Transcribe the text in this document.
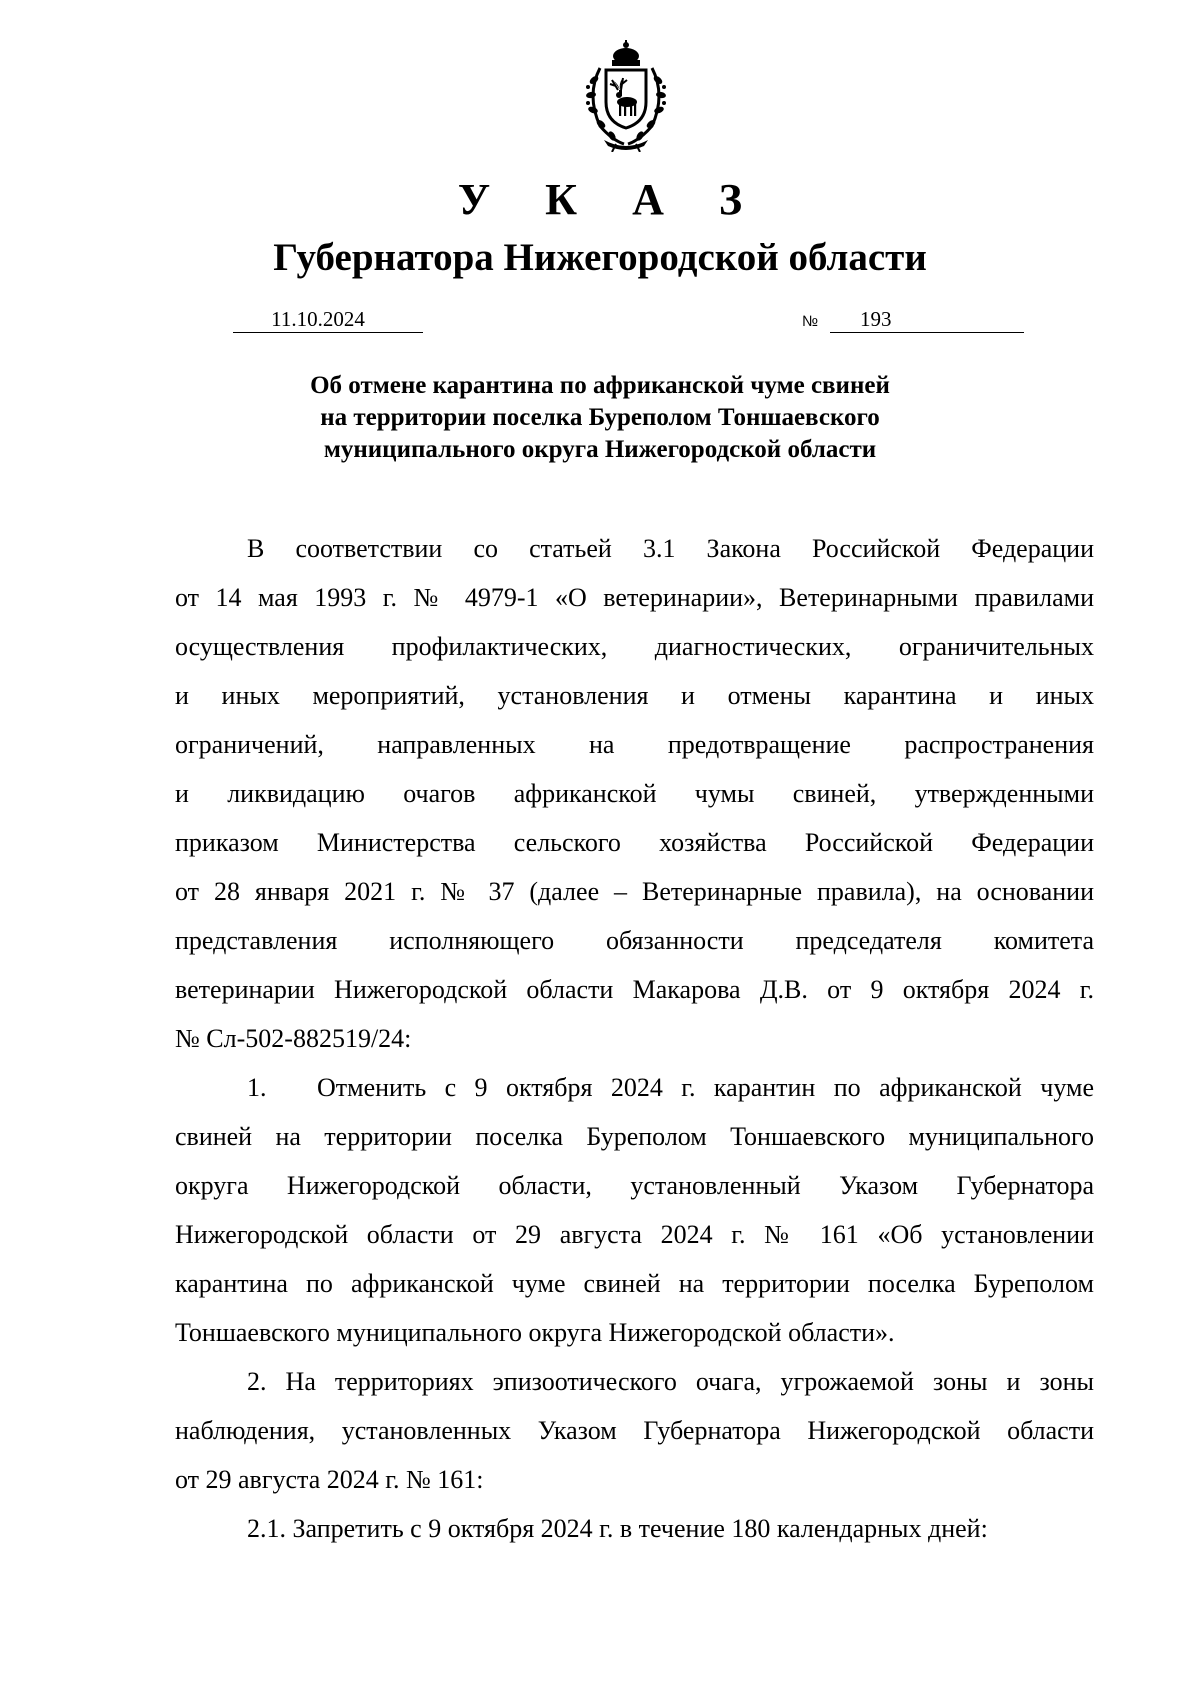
У К А З
Губернатора Нижегородской области
11.10.2024	№	193
Об отмене карантина по африканской чуме свиней
на территории поселка Буреполом Тоншаевского
муниципального округа Нижегородской области
В соответствии со статьей 3.1 Закона Российской Федерации
от 14 мая 1993 г. № 4979-1 «О ветеринарии», Ветеринарными правилами
осуществления профилактических, диагностических, ограничительных
и иных мероприятий, установления и отмены карантина и иных
ограничений, направленных на предотвращение распространения
и ликвидацию очагов африканской чумы свиней, утвержденными
приказом Министерства сельского хозяйства Российской Федерации
от 28 января 2021 г. № 37 (далее – Ветеринарные правила), на основании
представления исполняющего обязанности председателя комитета
ветеринарии Нижегородской области Макарова Д.В. от 9 октября 2024 г.
№ Сл-502-882519/24:
1. Отменить с 9 октября 2024 г. карантин по африканской чуме
свиней на территории поселка Буреполом Тоншаевского муниципального
округа Нижегородской области, установленный Указом Губернатора
Нижегородской области от 29 августа 2024 г. № 161 «Об установлении
карантина по африканской чуме свиней на территории поселка Буреполом
Тоншаевского муниципального округа Нижегородской области».
2. На территориях эпизоотического очага, угрожаемой зоны и зоны
наблюдения, установленных Указом Губернатора Нижегородской области
от 29 августа 2024 г. № 161:
2.1. Запретить с 9 октября 2024 г. в течение 180 календарных дней:
